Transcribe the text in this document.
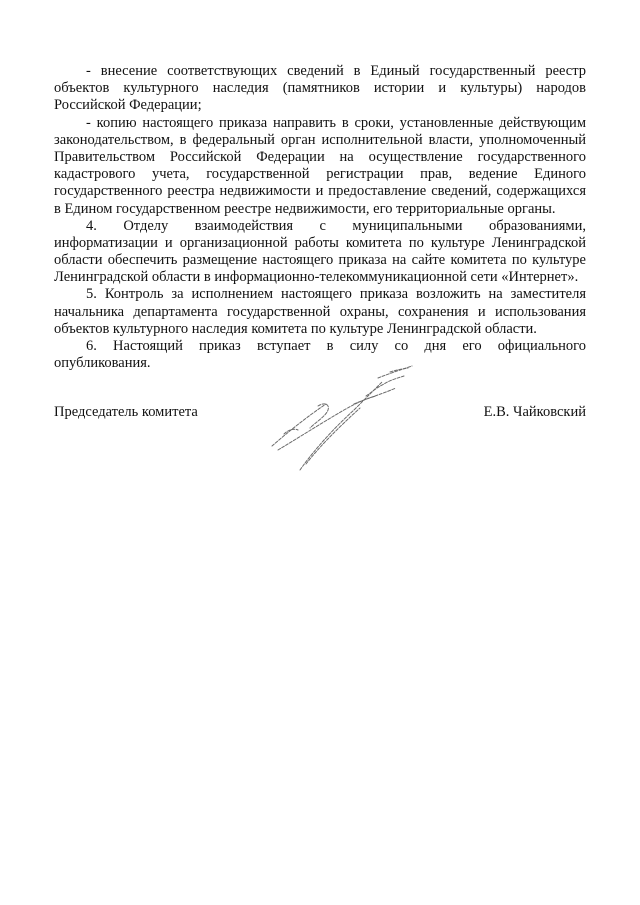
- внесение соответствующих сведений в Единый государственный реестр
объектов культурного наследия (памятников истории и культуры) народов
Российской Федерации;
- копию настоящего приказа направить в сроки, установленные действующим
законодательством, в федеральный орган исполнительной власти, уполномоченный
Правительством Российской Федерации на осуществление государственного
кадастрового учета, государственной регистрации прав, ведение Единого
государственного реестра недвижимости и предоставление сведений, содержащихся
в Едином государственном реестре недвижимости, его территориальные органы.
4. Отделу взаимодействия с муниципальными образованиями,
информатизации и организационной работы комитета по культуре Ленинградской
области обеспечить размещение настоящего приказа на сайте комитета по культуре
Ленинградской области в информационно-телекоммуникационной сети «Интернет».
5. Контроль за исполнением настоящего приказа возложить на заместителя
начальника департамента государственной охраны, сохранения и использования
объектов культурного наследия комитета по культуре Ленинградской области.
6. Настоящий приказ вступает в силу со дня его официального
опубликования.
Председатель комитета	Е.В. Чайковский
